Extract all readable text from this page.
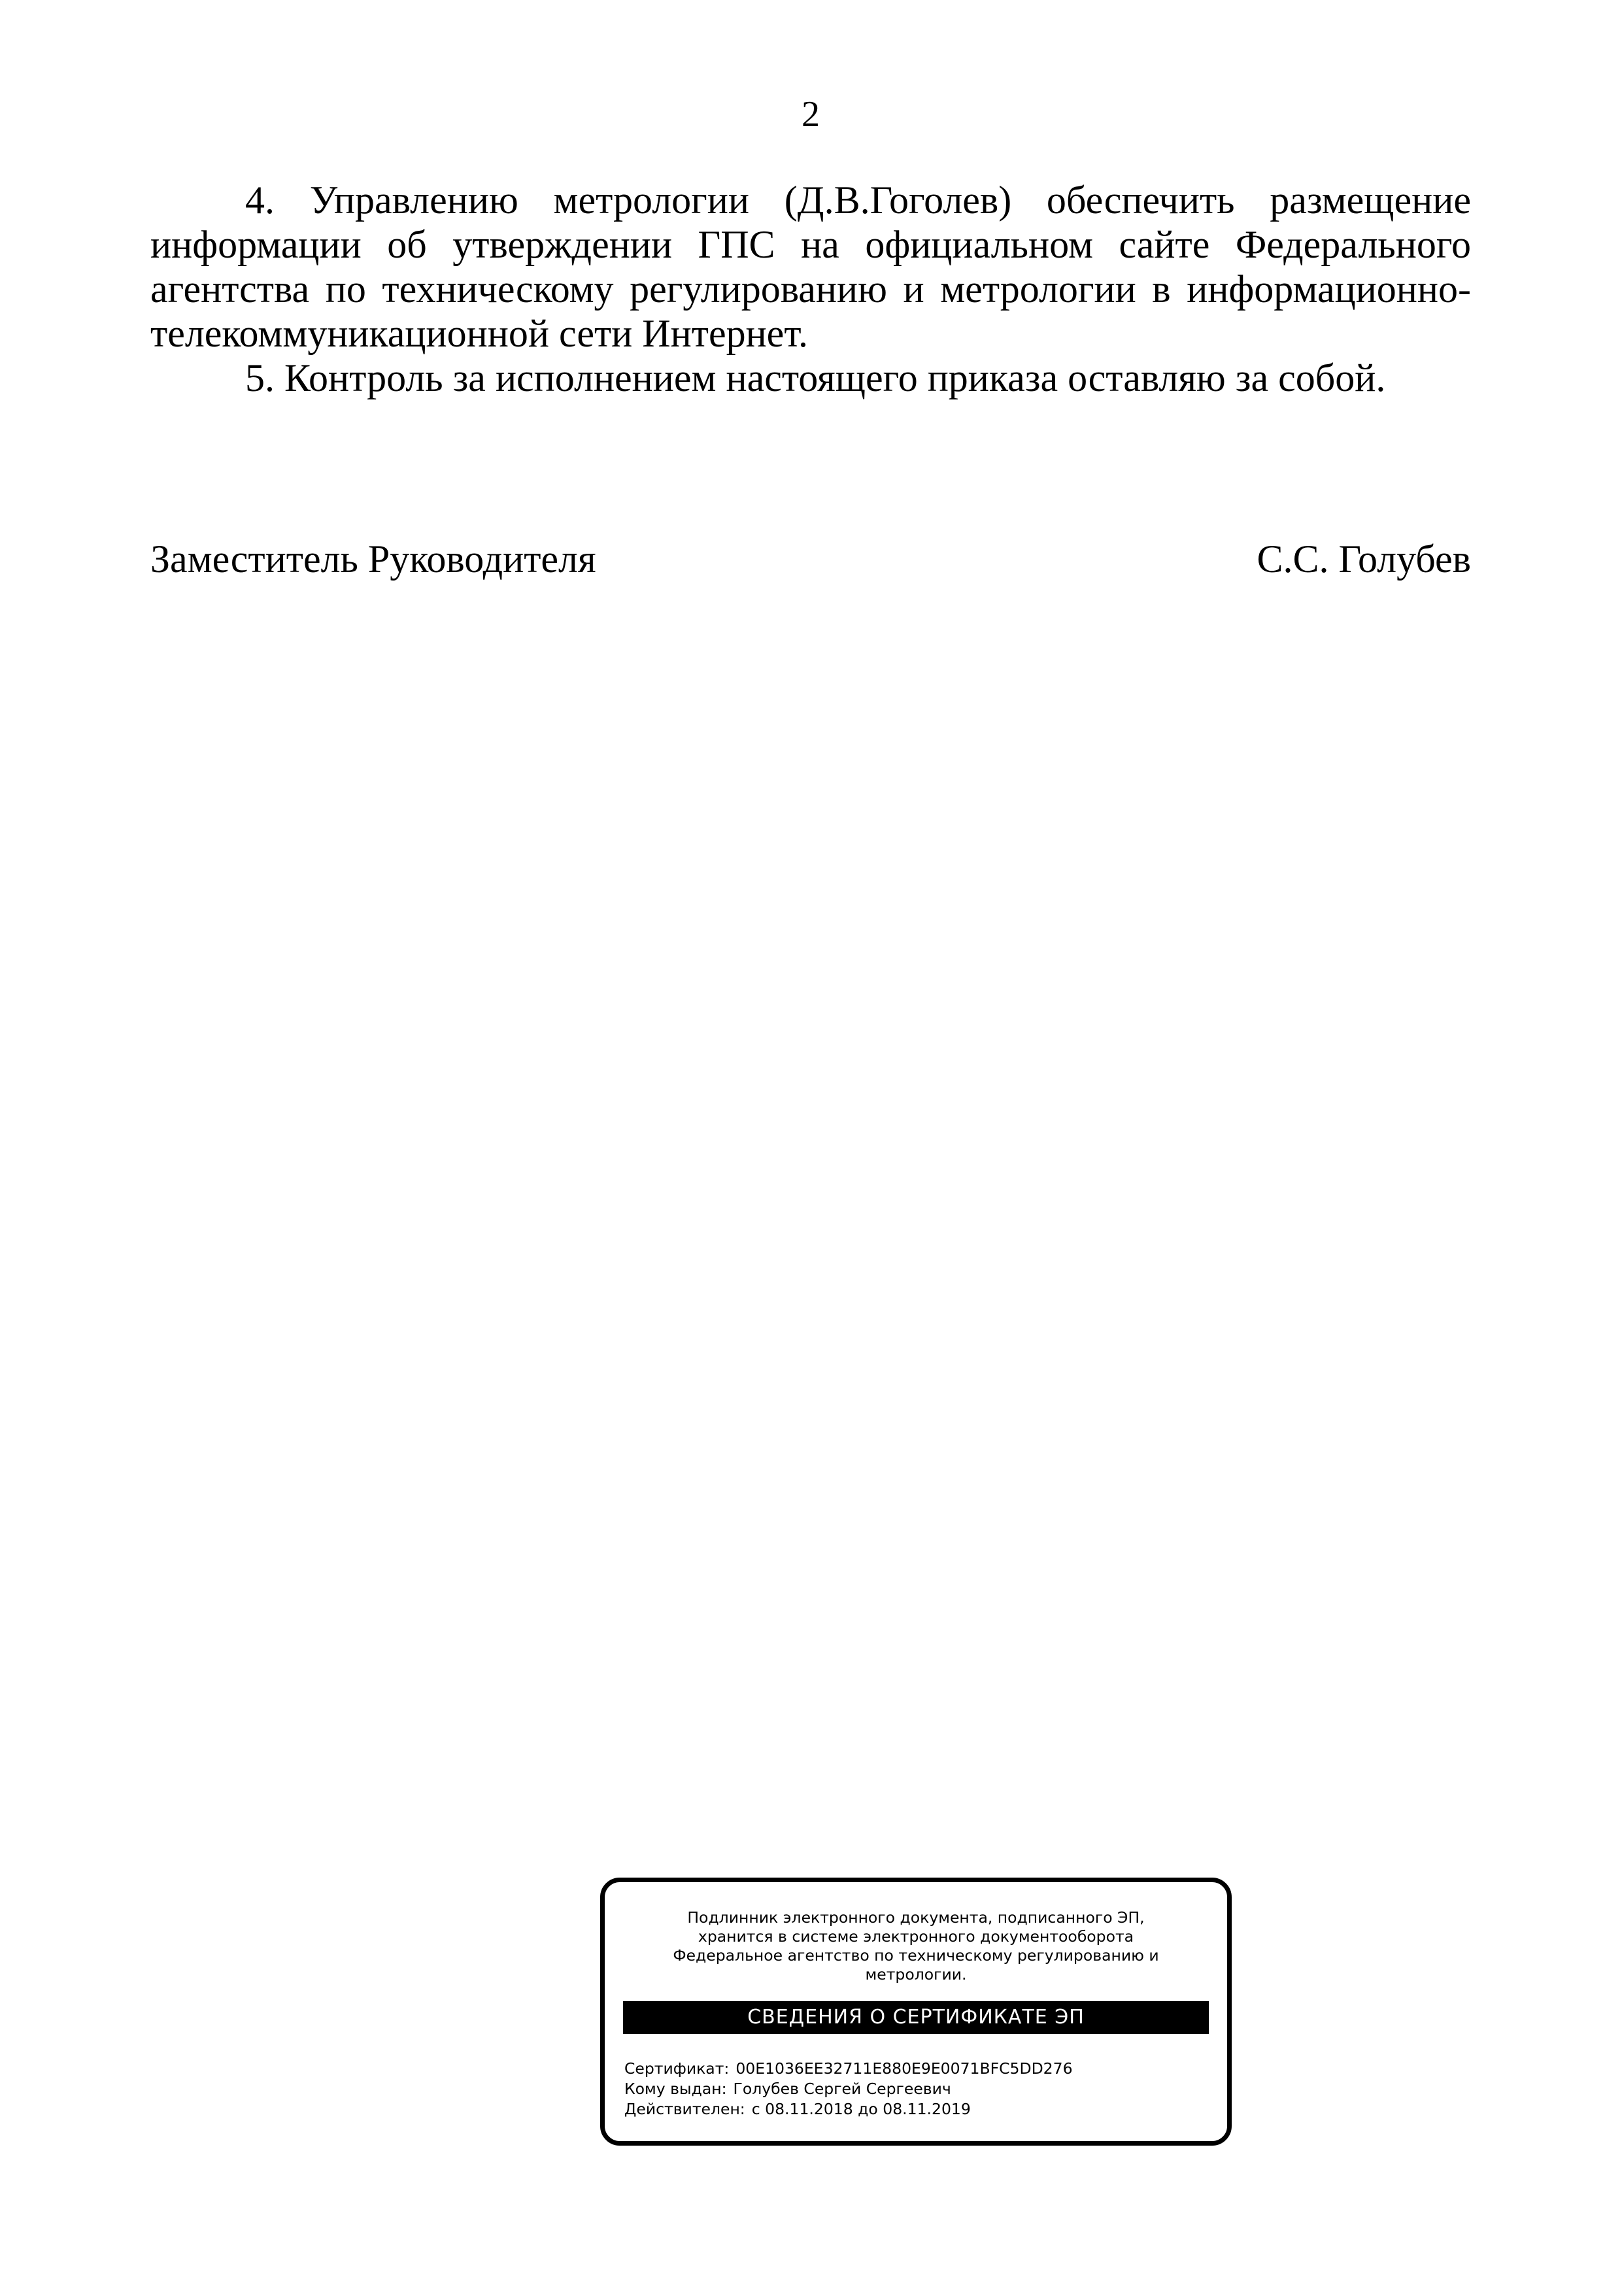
2

4. Управлению метрологии (Д.В.Гоголев) обеспечить размещение информации об утверждении ГПС на официальном сайте Федерального агентства по техническому регулированию и метрологии в информационно-телекоммуникационной сети Интернет.

5. Контроль за исполнением настоящего приказа оставляю за собой.

Заместитель Руководителя	С.С. Голубев
Подлинник электронного документа, подписанного ЭП,
хранится в системе электронного документооборота
Федеральное агентство по техническому регулированию и
метрологии.
СВЕДЕНИЯ О СЕРТИФИКАТЕ ЭП
Сертификат: 00E1036EE32711E880E9E0071BFC5DD276
Кому выдан: Голубев Сергей Сергеевич
Действителен: с 08.11.2018 до 08.11.2019
